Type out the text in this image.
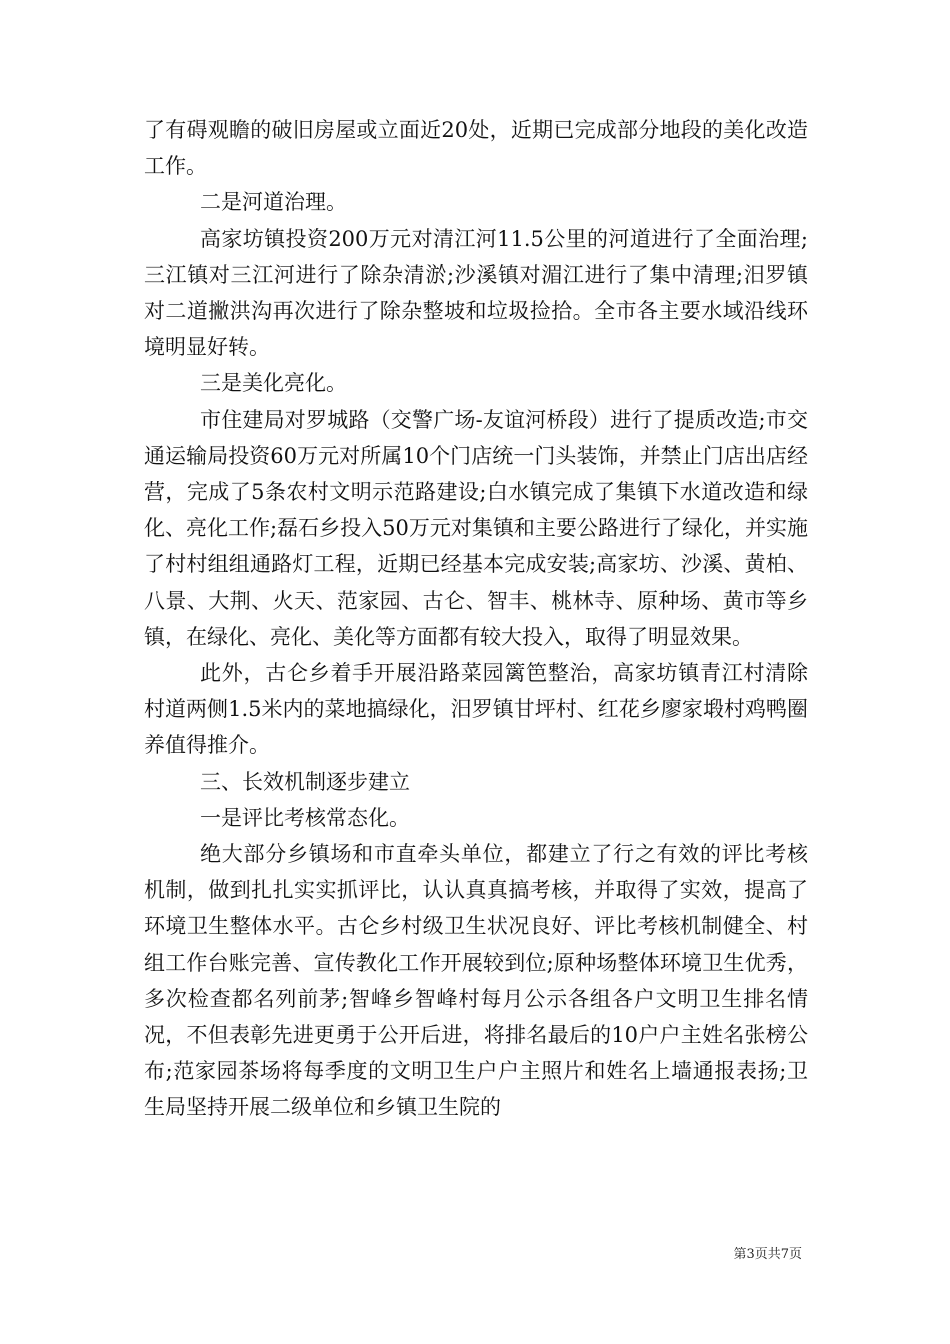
了有碍观瞻的破旧房屋或立面近20处，近期已完成部分地段的美化改造工作。

二是河道治理。

高家坊镇投资200万元对清江河11.5公里的河道进行了全面治理;三江镇对三江河进行了除杂清淤;沙溪镇对湄江进行了集中清理;汨罗镇对二道撇洪沟再次进行了除杂整坡和垃圾捡拾。全市各主要水域沿线环境明显好转。

三是美化亮化。

市住建局对罗城路（交警广场-友谊河桥段）进行了提质改造;市交通运输局投资60万元对所属10个门店统一门头装饰，并禁止门店出店经营，完成了5条农村文明示范路建设;白水镇完成了集镇下水道改造和绿化、亮化工作;磊石乡投入50万元对集镇和主要公路进行了绿化，并实施了村村组组通路灯工程，近期已经基本完成安装;高家坊、沙溪、黄柏、八景、大荆、火天、范家园、古仑、智丰、桃林寺、原种场、黄市等乡镇，在绿化、亮化、美化等方面都有较大投入，取得了明显效果。

此外，古仑乡着手开展沿路菜园篱笆整治，高家坊镇青江村清除村道两侧1.5米内的菜地搞绿化，汨罗镇甘坪村、红花乡廖家塅村鸡鸭圈养值得推介。

三、长效机制逐步建立

一是评比考核常态化。

绝大部分乡镇场和市直牵头单位，都建立了行之有效的评比考核机制，做到扎扎实实抓评比，认认真真搞考核，并取得了实效，提高了环境卫生整体水平。古仑乡村级卫生状况良好、评比考核机制健全、村组工作台账完善、宣传教化工作开展较到位;原种场整体环境卫生优秀，多次检查都名列前茅;智峰乡智峰村每月公示各组各户文明卫生排名情况，不但表彰先进更勇于公开后进，将排名最后的10户户主姓名张榜公布;范家园茶场将每季度的文明卫生户户主照片和姓名上墙通报表扬;卫生局坚持开展二级单位和乡镇卫生院的

第3页共7页
